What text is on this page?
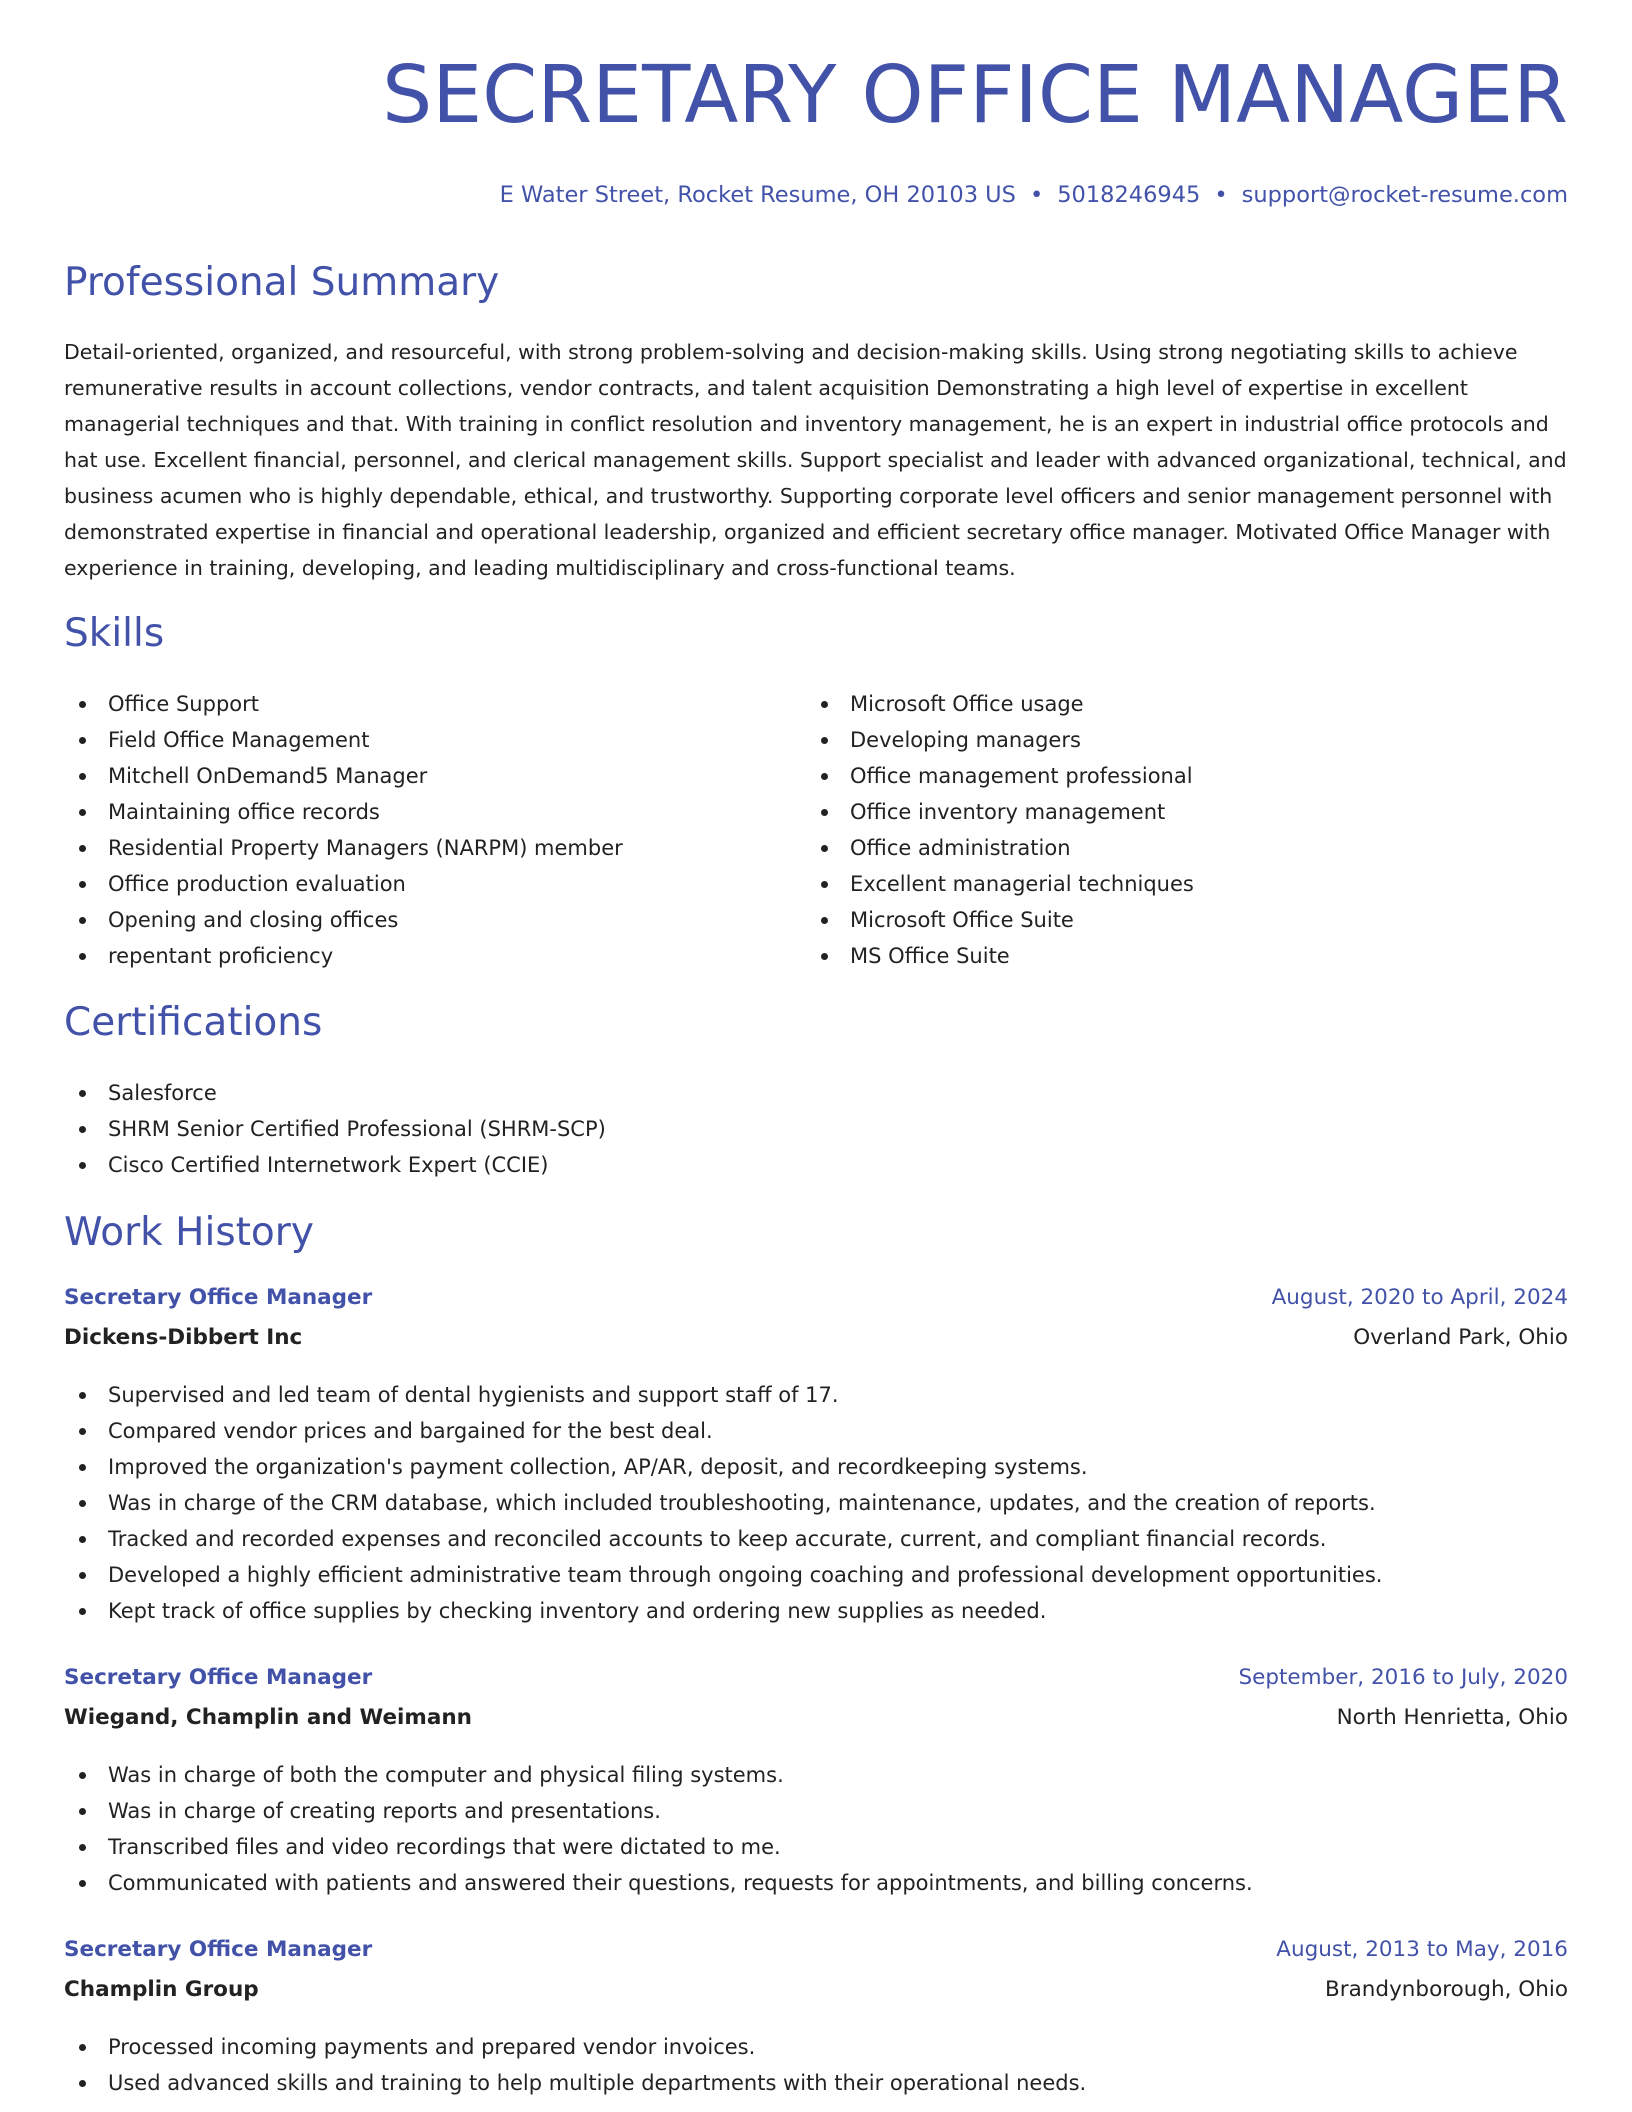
SECRETARY OFFICE MANAGER
E Water Street, Rocket Resume, OH 20103 US • 5018246945 • support@rocket-resume.com
Professional Summary

Detail-oriented, organized, and resourceful, with strong problem-solving and decision-making skills. Using strong negotiating skills to achieve remunerative results in account collections, vendor contracts, and talent acquisition Demonstrating a high level of expertise in excellent managerial techniques and that. With training in conflict resolution and inventory management, he is an expert in industrial office protocols and hat use. Excellent financial, personnel, and clerical management skills. Support specialist and leader with advanced organizational, technical, and business acumen who is highly dependable, ethical, and trustworthy. Supporting corporate level officers and senior management personnel with demonstrated expertise in financial and operational leadership, organized and efficient secretary office manager. Motivated Office Manager with experience in training, developing, and leading multidisciplinary and cross-functional teams.

Skills
Office Support
Field Office Management
Mitchell OnDemand5 Manager
Maintaining office records
Residential Property Managers (NARPM) member
Office production evaluation
Opening and closing offices
repentant proficiency
Microsoft Office usage
Developing managers
Office management professional
Office inventory management
Office administration
Excellent managerial techniques
Microsoft Office Suite
MS Office Suite
Certifications
Salesforce
SHRM Senior Certified Professional (SHRM-SCP)
Cisco Certified Internetwork Expert (CCIE)
Work History
Secretary Office Manager	August, 2020 to April, 2024
Dickens-Dibbert Inc	Overland Park, Ohio
Supervised and led team of dental hygienists and support staff of 17.
Compared vendor prices and bargained for the best deal.
Improved the organization's payment collection, AP/AR, deposit, and recordkeeping systems.
Was in charge of the CRM database, which included troubleshooting, maintenance, updates, and the creation of reports.
Tracked and recorded expenses and reconciled accounts to keep accurate, current, and compliant financial records.
Developed a highly efficient administrative team through ongoing coaching and professional development opportunities.
Kept track of office supplies by checking inventory and ordering new supplies as needed.
Secretary Office Manager	September, 2016 to July, 2020
Wiegand, Champlin and Weimann	North Henrietta, Ohio
Was in charge of both the computer and physical filing systems.
Was in charge of creating reports and presentations.
Transcribed files and video recordings that were dictated to me.
Communicated with patients and answered their questions, requests for appointments, and billing concerns.
Secretary Office Manager	August, 2013 to May, 2016
Champlin Group	Brandynborough, Ohio
Processed incoming payments and prepared vendor invoices.
Used advanced skills and training to help multiple departments with their operational needs.
